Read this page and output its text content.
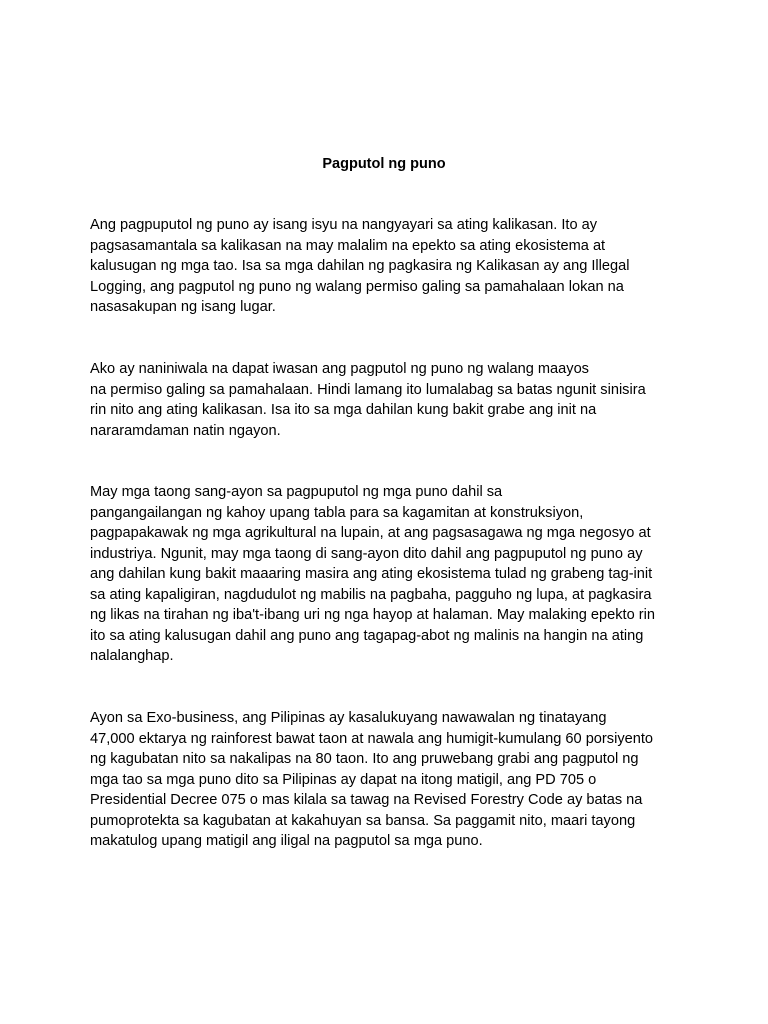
Pagputol ng puno

Ang pagpuputol ng puno ay isang isyu na nangyayari sa ating kalikasan. Ito ay
pagsasamantala sa kalikasan na may malalim na epekto sa ating ekosistema at
kalusugan ng mga tao. Isa sa mga dahilan ng pagkasira ng Kalikasan ay ang Illegal
Logging, ang pagputol ng puno ng walang permiso galing sa pamahalaan lokan na
nasasakupan ng isang lugar.

Ako ay naniniwala na dapat iwasan ang pagputol ng puno ng walang maayos
na permiso galing sa pamahalaan. Hindi lamang ito lumalabag sa batas ngunit sinisira
rin nito ang ating kalikasan. Isa ito sa mga dahilan kung bakit grabe ang init na
nararamdaman natin ngayon.

May mga taong sang-ayon sa pagpuputol ng mga puno dahil sa
pangangailangan ng kahoy upang tabla para sa kagamitan at konstruksiyon,
pagpapakawak ng mga agrikultural na lupain, at ang pagsasagawa ng mga negosyo at
industriya. Ngunit, may mga taong di sang-ayon dito dahil ang pagpuputol ng puno ay
ang dahilan kung bakit maaaring masira ang ating ekosistema tulad ng grabeng tag-init
sa ating kapaligiran, nagdudulot ng mabilis na pagbaha, pagguho ng lupa, at pagkasira
ng likas na tirahan ng iba't-ibang uri ng nga hayop at halaman. May malaking epekto rin
ito sa ating kalusugan dahil ang puno ang tagapag-abot ng malinis na hangin na ating
nalalanghap.

Ayon sa Exo-business, ang Pilipinas ay kasalukuyang nawawalan ng tinatayang
47,000 ektarya ng rainforest bawat taon at nawala ang humigit-kumulang 60 porsiyento
ng kagubatan nito sa nakalipas na 80 taon. Ito ang pruwebang grabi ang pagputol ng
mga tao sa mga puno dito sa Pilipinas ay dapat na itong matigil, ang PD 705 o
Presidential Decree 075 o mas kilala sa tawag na Revised Forestry Code ay batas na
pumoprotekta sa kagubatan at kakahuyan sa bansa. Sa paggamit nito, maari tayong
makatulog upang matigil ang iligal na pagputol sa mga puno.
